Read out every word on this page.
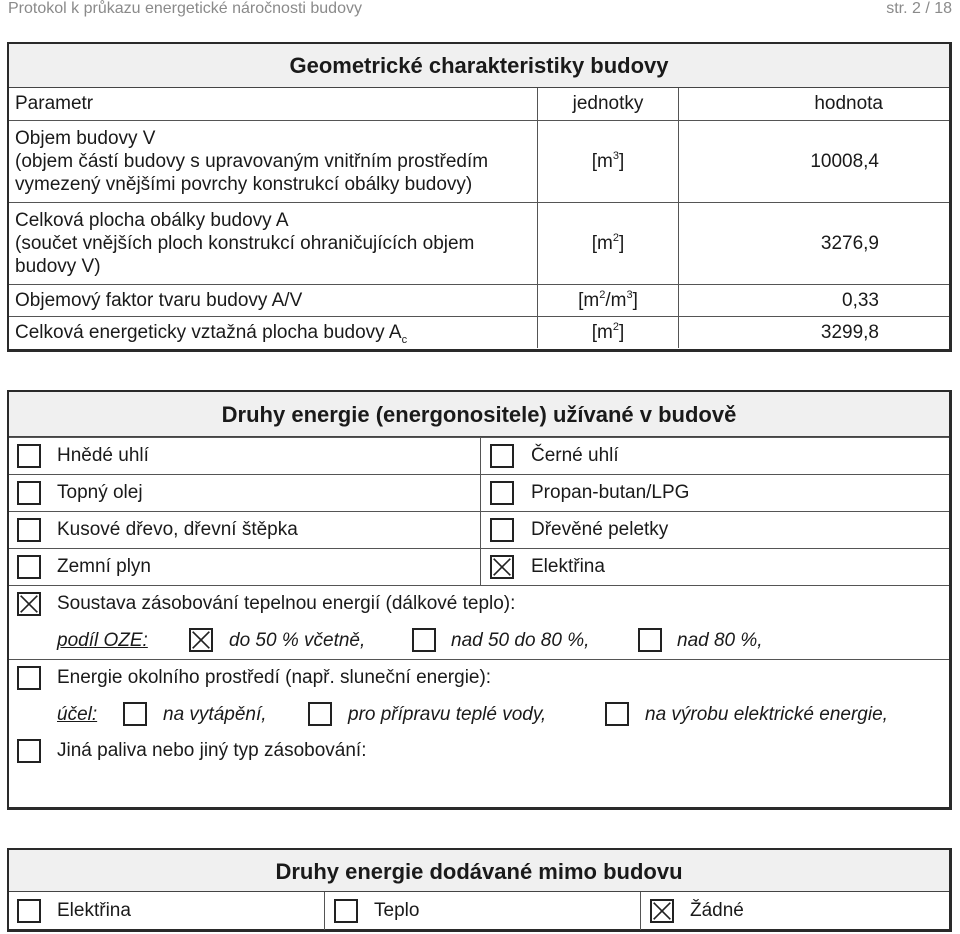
Protokol k průkazu energetické náročnosti budovy	str. 2 / 18
Geometrické charakteristiky budovy
Parametr	jednotky	hodnota

Objem budovy V
(objem částí budovy s upravovaným vnitřním prostředím
vymezený vnějšími povrchy konstrukcí obálky budovy)	$[m^3]$	10008,4

Celková plocha obálky budovy A
(součet vnějších ploch konstrukcí ohraničujících objem
budovy V)	$[m^2]$	3276,9
Objemový faktor tvaru budovy A/V	$[m^2/m^3]$	0,33
Celková energeticky vztažná plocha budovy $A_c$	$[m^2]$	3299,8
Druhy energie (energonositele) užívané v budově
Hnědé uhlí	Černé uhlí
Topný olej	Propan-butan/LPG
Kusové dřevo, dřevní štěpka	Dřevěné peletky
Zemní plyn	Elektřina
Soustava zásobování tepelnou energií (dálkové teplo):
podíl OZE:	do 50 % včetně,	nad 50 do 80 %,	nad 80 %,
Energie okolního prostředí (např. sluneční energie):
účel:	na vytápění,	pro přípravu teplé vody,	na výrobu elektrické energie,
Jiná paliva nebo jiný typ zásobování:
Druhy energie dodávané mimo budovu
Elektřina	Teplo	Žádné
